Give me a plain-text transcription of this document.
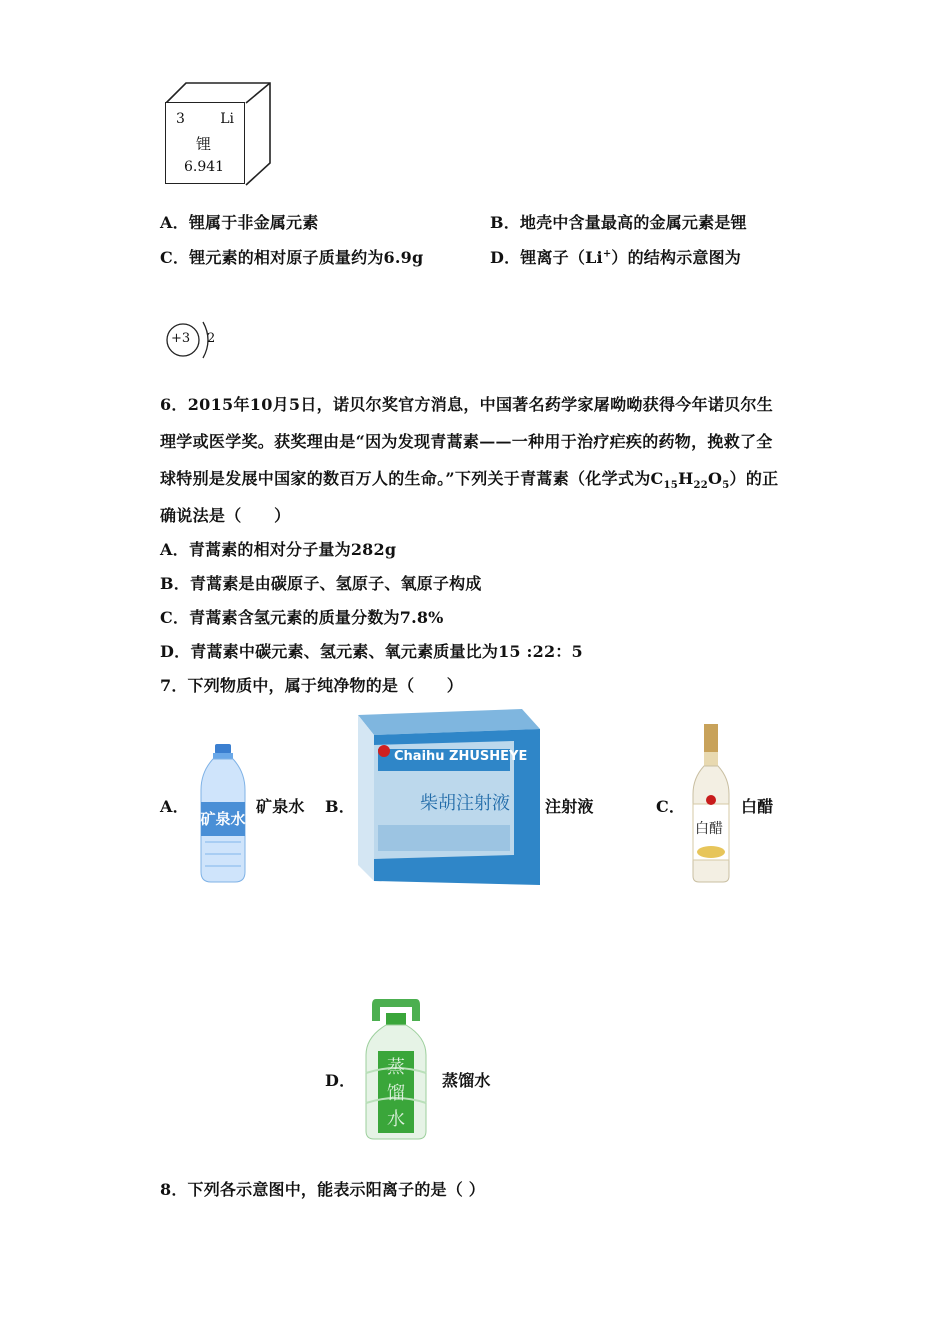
3	Li
锂
6.941
A．锂属于非金属元素	B．地壳中含量最高的金属元素是锂
C．锂元素的相对原子质量约为6.9g	D．锂离子（Li+）的结构示意图为
+3 2
6．2015年10月5日，诺贝尔奖官方消息，中国著名药学家屠呦呦获得今年诺贝尔生
理学或医学奖。获奖理由是“因为发现青蒿素——一种用于治疗疟疾的药物，挽救了全
球特别是发展中国家的数百万人的生命。”下列关于青蒿素（化学式为$C_{15}H_{22}O_5$）的正
确说法是（　　）
A．青蒿素的相对分子量为282g
B．青蒿素是由碳原子、氢原子、氧原子构成
C．青蒿素含氢元素的质量分数为7.8%
D．青蒿素中碳元素、氢元素、氧元素质量比为15 :22：5
7．下列物质中，属于纯净物的是（　　）
A．
矿泉水
矿泉水 B．
Chaihu ZHUSHEYE
柴胡注射液 注射液	C．
白醋
白醋
D．
蒸馏水
蒸馏水
8．下列各示意图中，能表示阳离子的是（ ）
